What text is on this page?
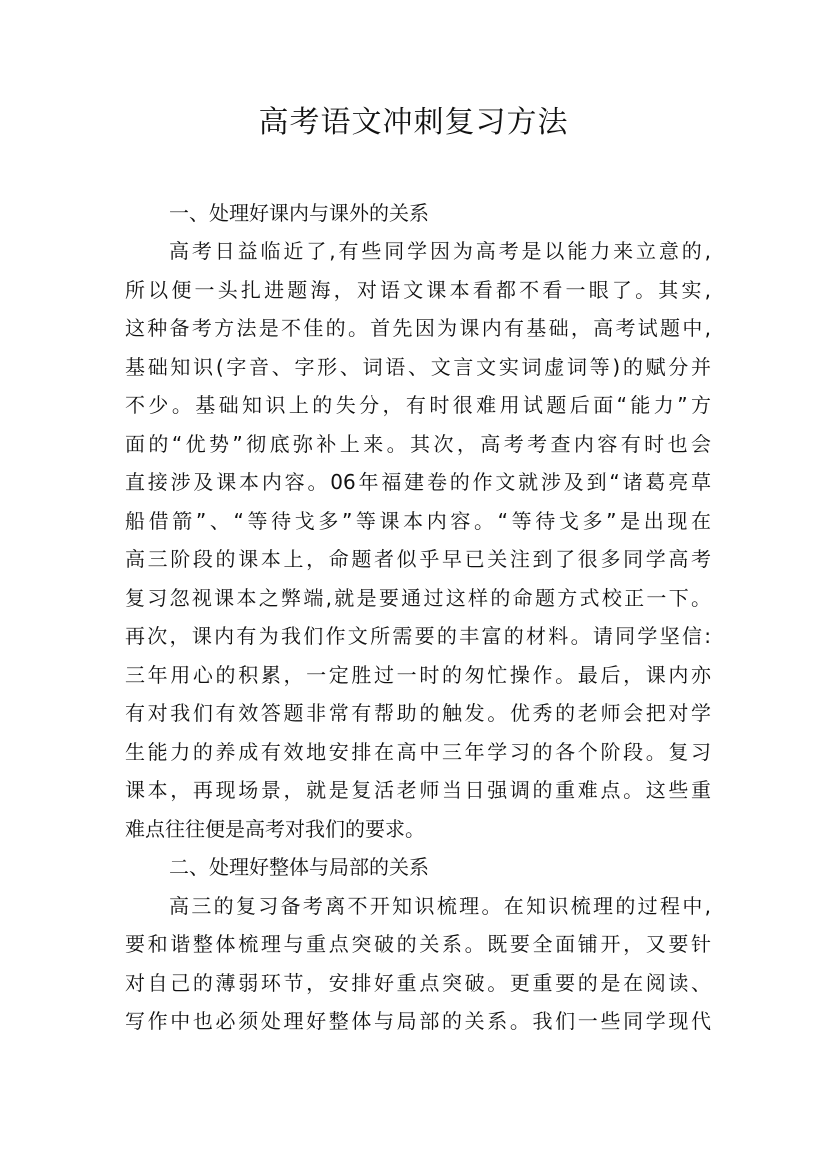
高考语文冲刺复习方法

一、处理好课内与课外的关系

高考日益临近了,有些同学因为高考是以能力来立意的,

所以便一头扎进题海，对语文课本看都不看一眼了。其实,

这种备考方法是不佳的。首先因为课内有基础，高考试题中,

基础知识(字音、字形、词语、文言文实词虚词等)的赋分并

不少。基础知识上的失分，有时很难用试题后面“能力”方

面的“优势”彻底弥补上来。其次，高考考查内容有时也会

直接涉及课本内容。06年福建卷的作文就涉及到“诸葛亮草

船借箭”、“等待戈多”等课本内容。“等待戈多”是出现在

高三阶段的课本上，命题者似乎早已关注到了很多同学高考

复习忽视课本之弊端,就是要通过这样的命题方式校正一下。

再次，课内有为我们作文所需要的丰富的材料。请同学坚信:

三年用心的积累，一定胜过一时的匆忙操作。最后，课内亦

有对我们有效答题非常有帮助的触发。优秀的老师会把对学

生能力的养成有效地安排在高中三年学习的各个阶段。复习

课本，再现场景，就是复活老师当日强调的重难点。这些重

难点往往便是高考对我们的要求。

二、处理好整体与局部的关系

高三的复习备考离不开知识梳理。在知识梳理的过程中,

要和谐整体梳理与重点突破的关系。既要全面铺开，又要针

对自己的薄弱环节，安排好重点突破。更重要的是在阅读、

写作中也必须处理好整体与局部的关系。我们一些同学现代
